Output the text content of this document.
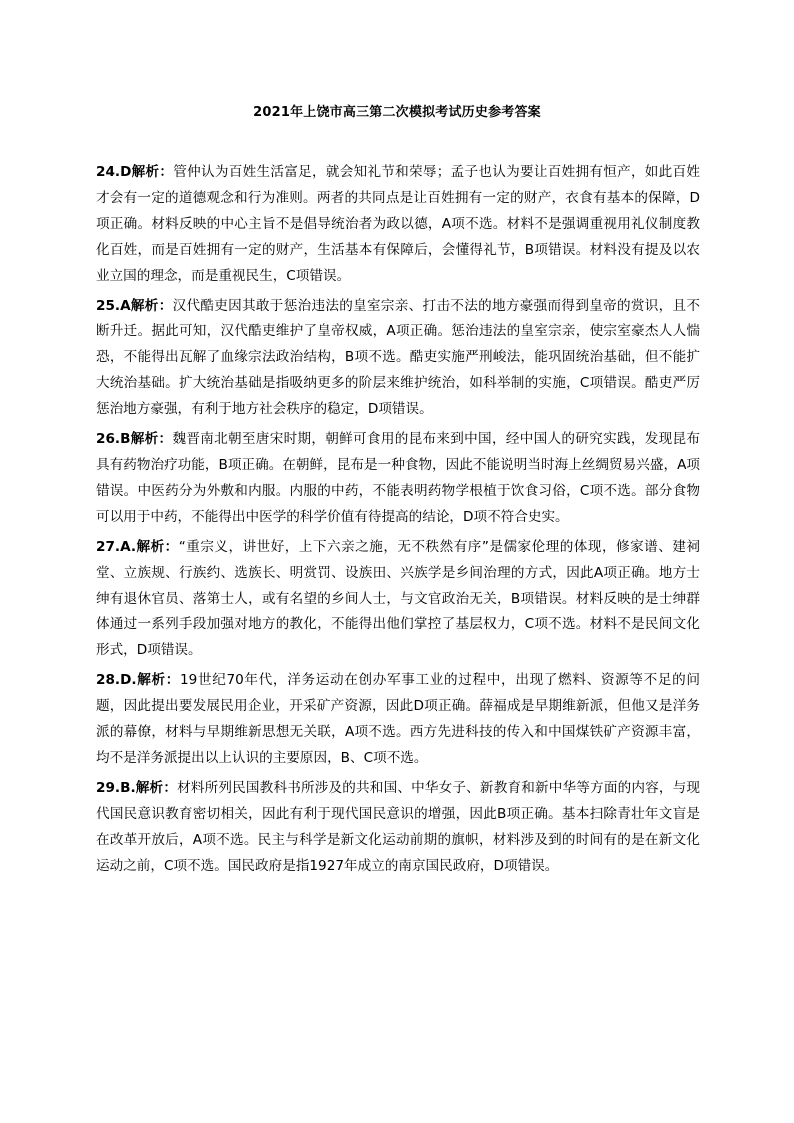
2021年上饶市高三第二次模拟考试历史参考答案

24.D解析：管仲认为百姓生活富足，就会知礼节和荣辱；孟子也认为要让百姓拥有恒产，如此百姓才会有一定的道德观念和行为准则。两者的共同点是让百姓拥有一定的财产，衣食有基本的保障，D项正确。材料反映的中心主旨不是倡导统治者为政以德，A项不选。材料不是强调重视用礼仪制度教化百姓，而是百姓拥有一定的财产，生活基本有保障后，会懂得礼节，B项错误。材料没有提及以农业立国的理念，而是重视民生，C项错误。

25.A解析：汉代酷吏因其敢于惩治违法的皇室宗亲、打击不法的地方豪强而得到皇帝的赏识，且不断升迁。据此可知，汉代酷吏维护了皇帝权威，A项正确。惩治违法的皇室宗亲，使宗室豪杰人人惴恐，不能得出瓦解了血缘宗法政治结构，B项不选。酷吏实施严刑峻法，能巩固统治基础，但不能扩大统治基础。扩大统治基础是指吸纳更多的阶层来维护统治，如科举制的实施，C项错误。酷吏严厉惩治地方豪强，有利于地方社会秩序的稳定，D项错误。

26.B解析：魏晋南北朝至唐宋时期，朝鲜可食用的昆布来到中国，经中国人的研究实践，发现昆布具有药物治疗功能，B项正确。在朝鲜，昆布是一种食物，因此不能说明当时海上丝绸贸易兴盛，A项错误。中医药分为外敷和内服。内服的中药，不能表明药物学根植于饮食习俗，C项不选。部分食物可以用于中药，不能得出中医学的科学价值有待提高的结论，D项不符合史实。

27.A.解析：“重宗义，讲世好，上下六亲之施，无不秩然有序”是儒家伦理的体现，修家谱、建祠堂、立族规、行族约、选族长、明赏罚、设族田、兴族学是乡间治理的方式，因此A项正确。地方士绅有退休官员、落第士人，或有名望的乡间人士，与文官政治无关，B项错误。材料反映的是士绅群体通过一系列手段加强对地方的教化，不能得出他们掌控了基层权力，C项不选。材料不是民间文化形式，D项错误。

28.D.解析：19世纪70年代，洋务运动在创办军事工业的过程中，出现了燃料、资源等不足的问题，因此提出要发展民用企业，开采矿产资源，因此D项正确。薛福成是早期维新派，但他又是洋务派的幕僚，材料与早期维新思想无关联，A项不选。西方先进科技的传入和中国煤铁矿产资源丰富，均不是洋务派提出以上认识的主要原因，B、C项不选。

29.B.解析：材料所列民国教科书所涉及的共和国、中华女子、新教育和新中华等方面的内容，与现代国民意识教育密切相关，因此有利于现代国民意识的增强，因此B项正确。基本扫除青壮年文盲是在改革开放后，A项不选。民主与科学是新文化运动前期的旗帜，材料涉及到的时间有的是在新文化运动之前，C项不选。国民政府是指1927年成立的南京国民政府，D项错误。
